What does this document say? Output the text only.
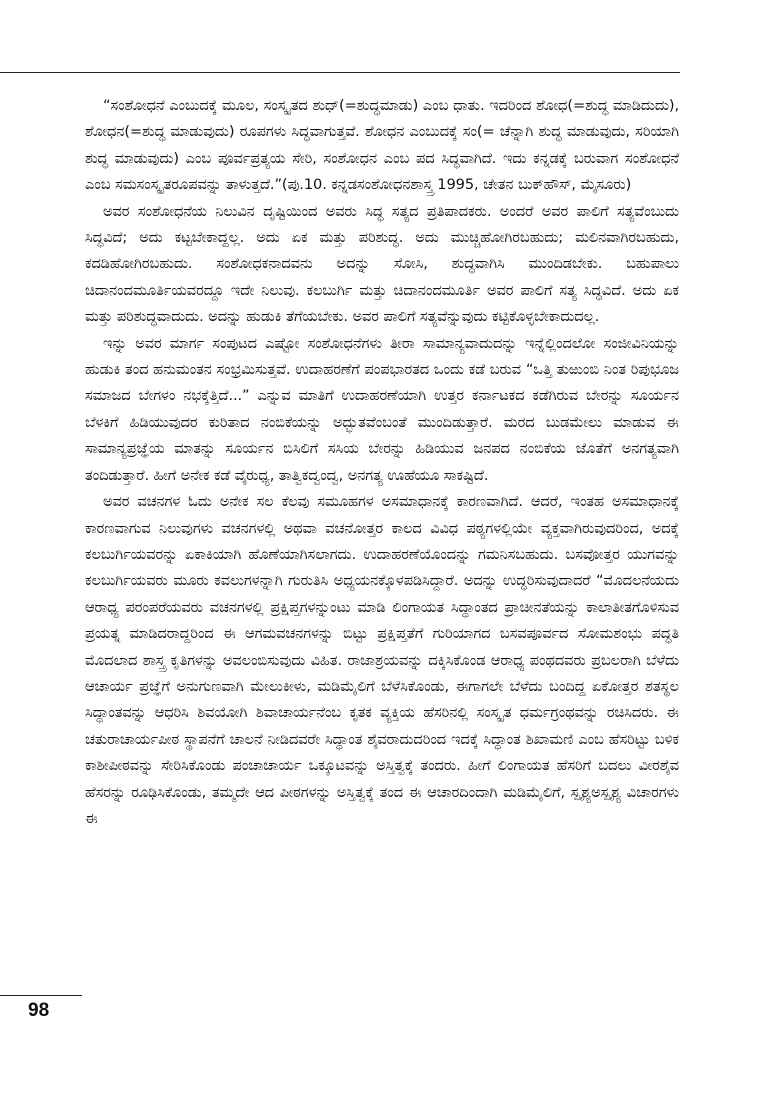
“ಸಂಶೋಧನೆ ಎಂಬುದಕ್ಕೆ ಮೂಲ, ಸಂಸ್ಕೃತದ ಶುಧ್(=ಶುದ್ಧಮಾಡು) ಎಂಬ ಧಾತು. ಇದರಿಂದ ಶೋಧ(=ಶುದ್ಧ ಮಾಡಿದುದು), ಶೋಧನ(=ಶುದ್ಧ ಮಾಡುವುದು) ರೂಪಗಳು ಸಿದ್ಧವಾಗುತ್ತವೆ. ಶೋಧನ ಎಂಬುದಕ್ಕೆ ಸಂ(= ಚೆನ್ನಾಗಿ ಶುದ್ಧ ಮಾಡುವುದು, ಸರಿಯಾಗಿ ಶುದ್ಧ ಮಾಡುವುದು) ಎಂಬ ಪೂರ್ವಪ್ರತ್ಯಯ ಸೇರಿ, ಸಂಶೋಧನ ಎಂಬ ಪದ ಸಿದ್ಧವಾಗಿದೆ. ಇದು ಕನ್ನಡಕ್ಕೆ ಬರುವಾಗ ಸಂಶೋಧನೆ ಎಂಬ ಸಮಸಂಸ್ಕೃತರೂಪವನ್ನು ತಾಳುತ್ತದೆ.”(ಪು.10. ಕನ್ನಡಸಂಶೋಧನಶಾಸ್ತ್ರ 1995, ಚೇತನ ಬುಕ್‌ಹೌಸ್, ಮೈಸೂರು)

ಅವರ ಸಂಶೋಧನೆಯ ನಿಲುವಿನ ದೃಷ್ಟಿಯಿಂದ ಅವರು ಸಿದ್ಧ ಸತ್ಯದ ಪ್ರತಿಪಾದಕರು. ಅಂದರೆ ಅವರ ಪಾಲಿಗೆ ಸತ್ಯವೆಂಬುದು ಸಿದ್ಧವಿದೆ; ಅದು ಕಟ್ಟಬೇಕಾದ್ದಲ್ಲ. ಅದು ಏಕ ಮತ್ತು ಪರಿಶುದ್ಧ. ಅದು ಮುಚ್ಚಿಹೋಗಿರಬಹುದು; ಮಲಿನವಾಗಿರಬಹುದು, ಕದಡಿಹೋಗಿರಬಹುದು. ಸಂಶೋಧಕನಾದವನು ಅದನ್ನು ಸೋಸಿ, ಶುದ್ಧವಾಗಿಸಿ ಮುಂದಿಡಬೇಕು. ಬಹುಪಾಲು ಚಿದಾನಂದಮೂರ್ತಿಯವರದ್ದೂ ಇದೇ ನಿಲುವು. ಕಲಬುರ್ಗಿ ಮತ್ತು ಚಿದಾನಂದಮೂರ್ತಿ ಅವರ ಪಾಲಿಗೆ ಸತ್ಯ ಸಿದ್ಧವಿದೆ. ಅದು ಏಕ ಮತ್ತು ಪರಿಶುದ್ಧವಾದುದು. ಅದನ್ನು ಹುಡುಕಿ ತೆಗೆಯಬೇಕು. ಅವರ ಪಾಲಿಗೆ ಸತ್ಯವೆನ್ನುವುದು ಕಟ್ಟಿಕೊಳ್ಳಬೇಕಾದುದಲ್ಲ.

ಇನ್ನು ಅವರ ಮಾರ್ಗ ಸಂಪುಟದ ಎಷ್ಟೋ ಸಂಶೋಧನೆಗಳು ತೀರಾ ಸಾಮಾನ್ಯವಾದುದನ್ನು ಇನ್ನೆಲ್ಲಿಂದಲೋ ಸಂಜೀವಿನಿಯನ್ನು ಹುಡುಕಿ ತಂದ ಹನುಮಂತನ ಸಂಭ್ರಮಿಸುತ್ತವೆ. ಉದಾಹರಣೆಗೆ ಪಂಪಭಾರತದ ಒಂದು ಕಡೆ ಬರುವ “ಒತ್ತಿ ತುಱುಂಬಿ ನಿಂತ ರಿಪುಭೂಜ ಸಮಾಜದ ಬೇಗಳಂ ನಭಕ್ಕೆತ್ತಿದೆ...” ಎನ್ನುವ ಮಾತಿಗೆ ಉದಾಹರಣೆಯಾಗಿ ಉತ್ತರ ಕರ್ನಾಟಕದ ಕಡೆಗಿರುವ ಬೇರನ್ನು ಸೂರ್ಯನ ಬೆಳಕಿಗೆ ಹಿಡಿಯುವುದರ ಕುರಿತಾದ ನಂಬಿಕೆಯನ್ನು ಅದ್ಭುತವೆಂಬಂತೆ ಮುಂದಿಡುತ್ತಾರೆ. ಮರದ ಬುಡಮೇಲು ಮಾಡುವ ಈ ಸಾಮಾನ್ಯಪ್ರಜ್ಞೆಯ ಮಾತನ್ನು ಸೂರ್ಯನ ಬಿಸಿಲಿಗೆ ಸಸಿಯ ಬೇರನ್ನು ಹಿಡಿಯುವ ಜನಪದ ನಂಬಿಕೆಯ ಜೊತೆಗೆ ಅನಗತ್ಯವಾಗಿ ತಂದಿಡುತ್ತಾರೆ. ಹೀಗೆ ಅನೇಕ ಕಡೆ ವೈರುಧ್ಯ, ತಾತ್ವಿಕದ್ವಂದ್ವ, ಅನಗತ್ಯ ಊಹೆಯೂ ಸಾಕಷ್ಟಿದೆ.

ಅವರ ವಚನಗಳ ಓದು ಅನೇಕ ಸಲ ಕೆಲವು ಸಮೂಹಗಳ ಅಸಮಾಧಾನಕ್ಕೆ ಕಾರಣವಾಗಿದೆ. ಆದರೆ, ಇಂತಹ ಅಸಮಾಧಾನಕ್ಕೆ ಕಾರಣವಾಗುವ ನಿಲುವುಗಳು ವಚನಗಳಲ್ಲಿ ಅಥವಾ ವಚನೋತ್ತರ ಕಾಲದ ವಿವಿಧ ಪಠ್ಯಗಳಲ್ಲಿಯೇ ವ್ಯಕ್ತವಾಗಿರುವುದರಿಂದ, ಅದಕ್ಕೆ ಕಲಬುರ್ಗಿಯವರನ್ನು ಏಕಾಕಿಯಾಗಿ ಹೊಣೆಯಾಗಿಸಲಾಗದು. ಉದಾಹರಣೆಯೊಂದನ್ನು ಗಮನಿಸಬಹುದು. ಬಸವೋತ್ತರ ಯುಗವನ್ನು ಕಲಬುರ್ಗಿಯವರು ಮೂರು ಕವಲುಗಳನ್ನಾಗಿ ಗುರುತಿಸಿ ಅಧ್ಯಯನಕ್ಕೊಳಪಡಿಸಿದ್ದಾರೆ. ಅದನ್ನು ಉದ್ಧರಿಸುವುದಾದರೆ “ಮೊದಲನೆಯದು ಆರಾಧ್ಯ ಪರಂಪರೆಯವರು ವಚನಗಳಲ್ಲಿ ಪ್ರಕ್ಷಿಪ್ತಗಳನ್ನುಂಟು ಮಾಡಿ ಲಿಂಗಾಯತ ಸಿದ್ಧಾಂತದ ಪ್ರಾಚೀನತೆಯನ್ನು ಕಾಲಾತೀತಗೊಳಿಸುವ ಪ್ರಯತ್ನ ಮಾಡಿದರಾದ್ದರಿಂದ ಈ ಆಗಮವಚನಗಳನ್ನು ಬಿಟ್ಟು ಪ್ರಕ್ಷಿಪ್ತತೆಗೆ ಗುರಿಯಾಗದ ಬಸವಪೂರ್ವದ ಸೋಮಶಂಭು ಪದ್ಧತಿ ಮೊದಲಾದ ಶಾಸ್ತ್ರ ಕೃತಿಗಳನ್ನು ಅವಲಂಬಿಸುವುದು ವಿಹಿತ. ರಾಜಾಶ್ರಯವನ್ನು ದಕ್ಕಿಸಿಕೊಂಡ ಆರಾಧ್ಯ ಪಂಥದವರು ಪ್ರಬಲರಾಗಿ ಬೆಳೆದು ಆಚಾರ್ಯ ಪ್ರಜ್ಞೆಗೆ ಅನುಗುಣವಾಗಿ ಮೇಲುಕೀಳು, ಮಡಿಮೈಲಿಗೆ ಬೆಳೆಸಿಕೊಂಡು, ಈಗಾಗಲೇ ಬೆಳೆದು ಬಂದಿದ್ದ ಏಕೋತ್ತರ ಶತಸ್ಥಲ ಸಿದ್ಧಾಂತವನ್ನು ಆಧರಿಸಿ ಶಿವಯೋಗಿ ಶಿವಾಚಾರ್ಯನೆಂಬ ಕೃತಕ ವ್ಯಕ್ತಿಯ ಹೆಸರಿನಲ್ಲಿ ಸಂಸ್ಕೃತ ಧರ್ಮಗ್ರಂಥವನ್ನು ರಚಿಸಿದರು. ಈ ಚತುರಾಚಾರ್ಯಪೀಠ ಸ್ಥಾಪನೆಗೆ ಚಾಲನೆ ನೀಡಿದವರೇ ಸಿದ್ಧಾಂತ ಶೈವರಾದುದರಿಂದ ಇದಕ್ಕೆ ಸಿದ್ಧಾಂತ ಶಿಖಾಮಣಿ ಎಂಬ ಹೆಸರಿಟ್ಟು ಬಳಿಕ ಕಾಶೀಪೀಠವನ್ನು ಸೇರಿಸಿಕೊಂಡು ಪಂಚಾಚಾರ್ಯ ಒಕ್ಕೂಟವನ್ನು ಅಸ್ತಿತ್ವಕ್ಕೆ ತಂದರು. ಹೀಗೆ ಲಿಂಗಾಯತ ಹೆಸರಿಗೆ ಬದಲು ವೀರಶೈವ ಹೆಸರನ್ನು ರೂಢಿಸಿಕೊಂಡು, ತಮ್ಮದೇ ಆದ ಪೀಠಗಳನ್ನು ಅಸ್ತಿತ್ವಕ್ಕೆ ತಂದ ಈ ಆಚಾರದಿಂದಾಗಿ ಮಡಿಮೈಲಿಗೆ, ಸ್ಪೃಶ್ಯಅಸ್ಪೃಶ್ಯ ವಿಚಾರಗಳು ಈ

98
